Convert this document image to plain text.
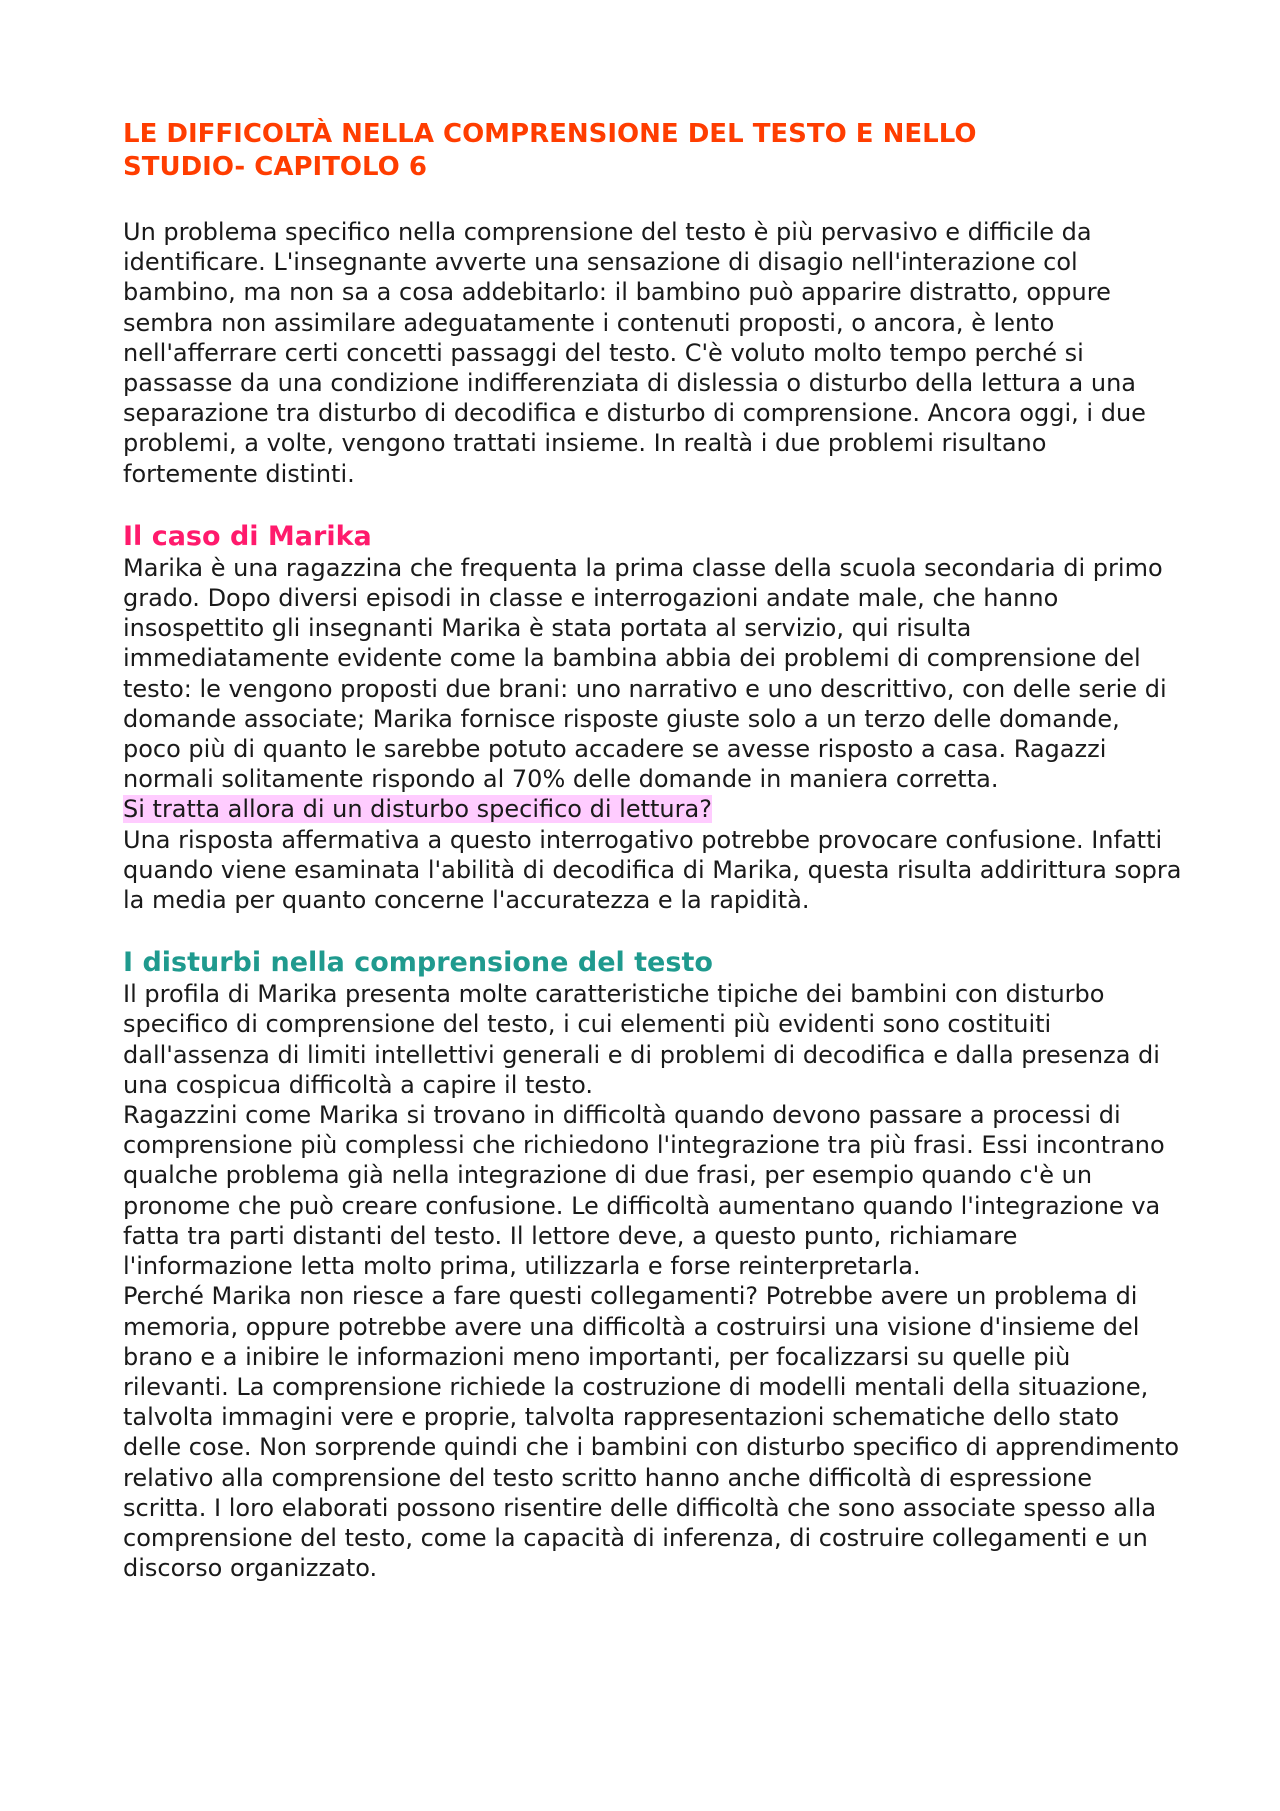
LE DIFFICOLTÀ NELLA COMPRENSIONE DEL TESTO E NELLO
STUDIO- CAPITOLO 6

Un problema specifico nella comprensione del testo è più pervasivo e difficile da identificare. L'insegnante avverte una sensazione di disagio nell'interazione col bambino, ma non sa a cosa addebitarlo: il bambino può apparire distratto, oppure sembra non assimilare adeguatamente i contenuti proposti, o ancora, è lento nell'afferrare certi concetti passaggi del testo. C'è voluto molto tempo perché si passasse da una condizione indifferenziata di dislessia o disturbo della lettura a una separazione tra disturbo di decodifica e disturbo di comprensione. Ancora oggi, i due problemi, a volte, vengono trattati insieme. In realtà i due problemi risultano fortemente distinti.

Il caso di Marika

Marika è una ragazzina che frequenta la prima classe della scuola secondaria di primo grado. Dopo diversi episodi in classe e interrogazioni andate male, che hanno insospettito gli insegnanti Marika è stata portata al servizio, qui risulta immediatamente evidente come la bambina abbia dei problemi di comprensione del testo: le vengono proposti due brani: uno narrativo e uno descrittivo, con delle serie di domande associate; Marika fornisce risposte giuste solo a un terzo delle domande, poco più di quanto le sarebbe potuto accadere se avesse risposto a casa. Ragazzi normali solitamente rispondo al 70% delle domande in maniera corretta.

Si tratta allora di un disturbo specifico di lettura?

Una risposta affermativa a questo interrogativo potrebbe provocare confusione. Infatti quando viene esaminata l'abilità di decodifica di Marika, questa risulta addirittura sopra la media per quanto concerne l'accuratezza e la rapidità.

I disturbi nella comprensione del testo

Il profila di Marika presenta molte caratteristiche tipiche dei bambini con disturbo specifico di comprensione del testo, i cui elementi più evidenti sono costituiti dall'assenza di limiti intellettivi generali e di problemi di decodifica e dalla presenza di una cospicua difficoltà a capire il testo.

Ragazzini come Marika si trovano in difficoltà quando devono passare a processi di comprensione più complessi che richiedono l'integrazione tra più frasi. Essi incontrano qualche problema già nella integrazione di due frasi, per esempio quando c'è un pronome che può creare confusione. Le difficoltà aumentano quando l'integrazione va fatta tra parti distanti del testo. Il lettore deve, a questo punto, richiamare l'informazione letta molto prima, utilizzarla e forse reinterpretarla.

Perché Marika non riesce a fare questi collegamenti? Potrebbe avere un problema di memoria, oppure potrebbe avere una difficoltà a costruirsi una visione d'insieme del brano e a inibire le informazioni meno importanti, per focalizzarsi su quelle più rilevanti. La comprensione richiede la costruzione di modelli mentali della situazione, talvolta immagini vere e proprie, talvolta rappresentazioni schematiche dello stato delle cose. Non sorprende quindi che i bambini con disturbo specifico di apprendimento relativo alla comprensione del testo scritto hanno anche difficoltà di espressione scritta. I loro elaborati possono risentire delle difficoltà che sono associate spesso alla comprensione del testo, come la capacità di inferenza, di costruire collegamenti e un discorso organizzato.
